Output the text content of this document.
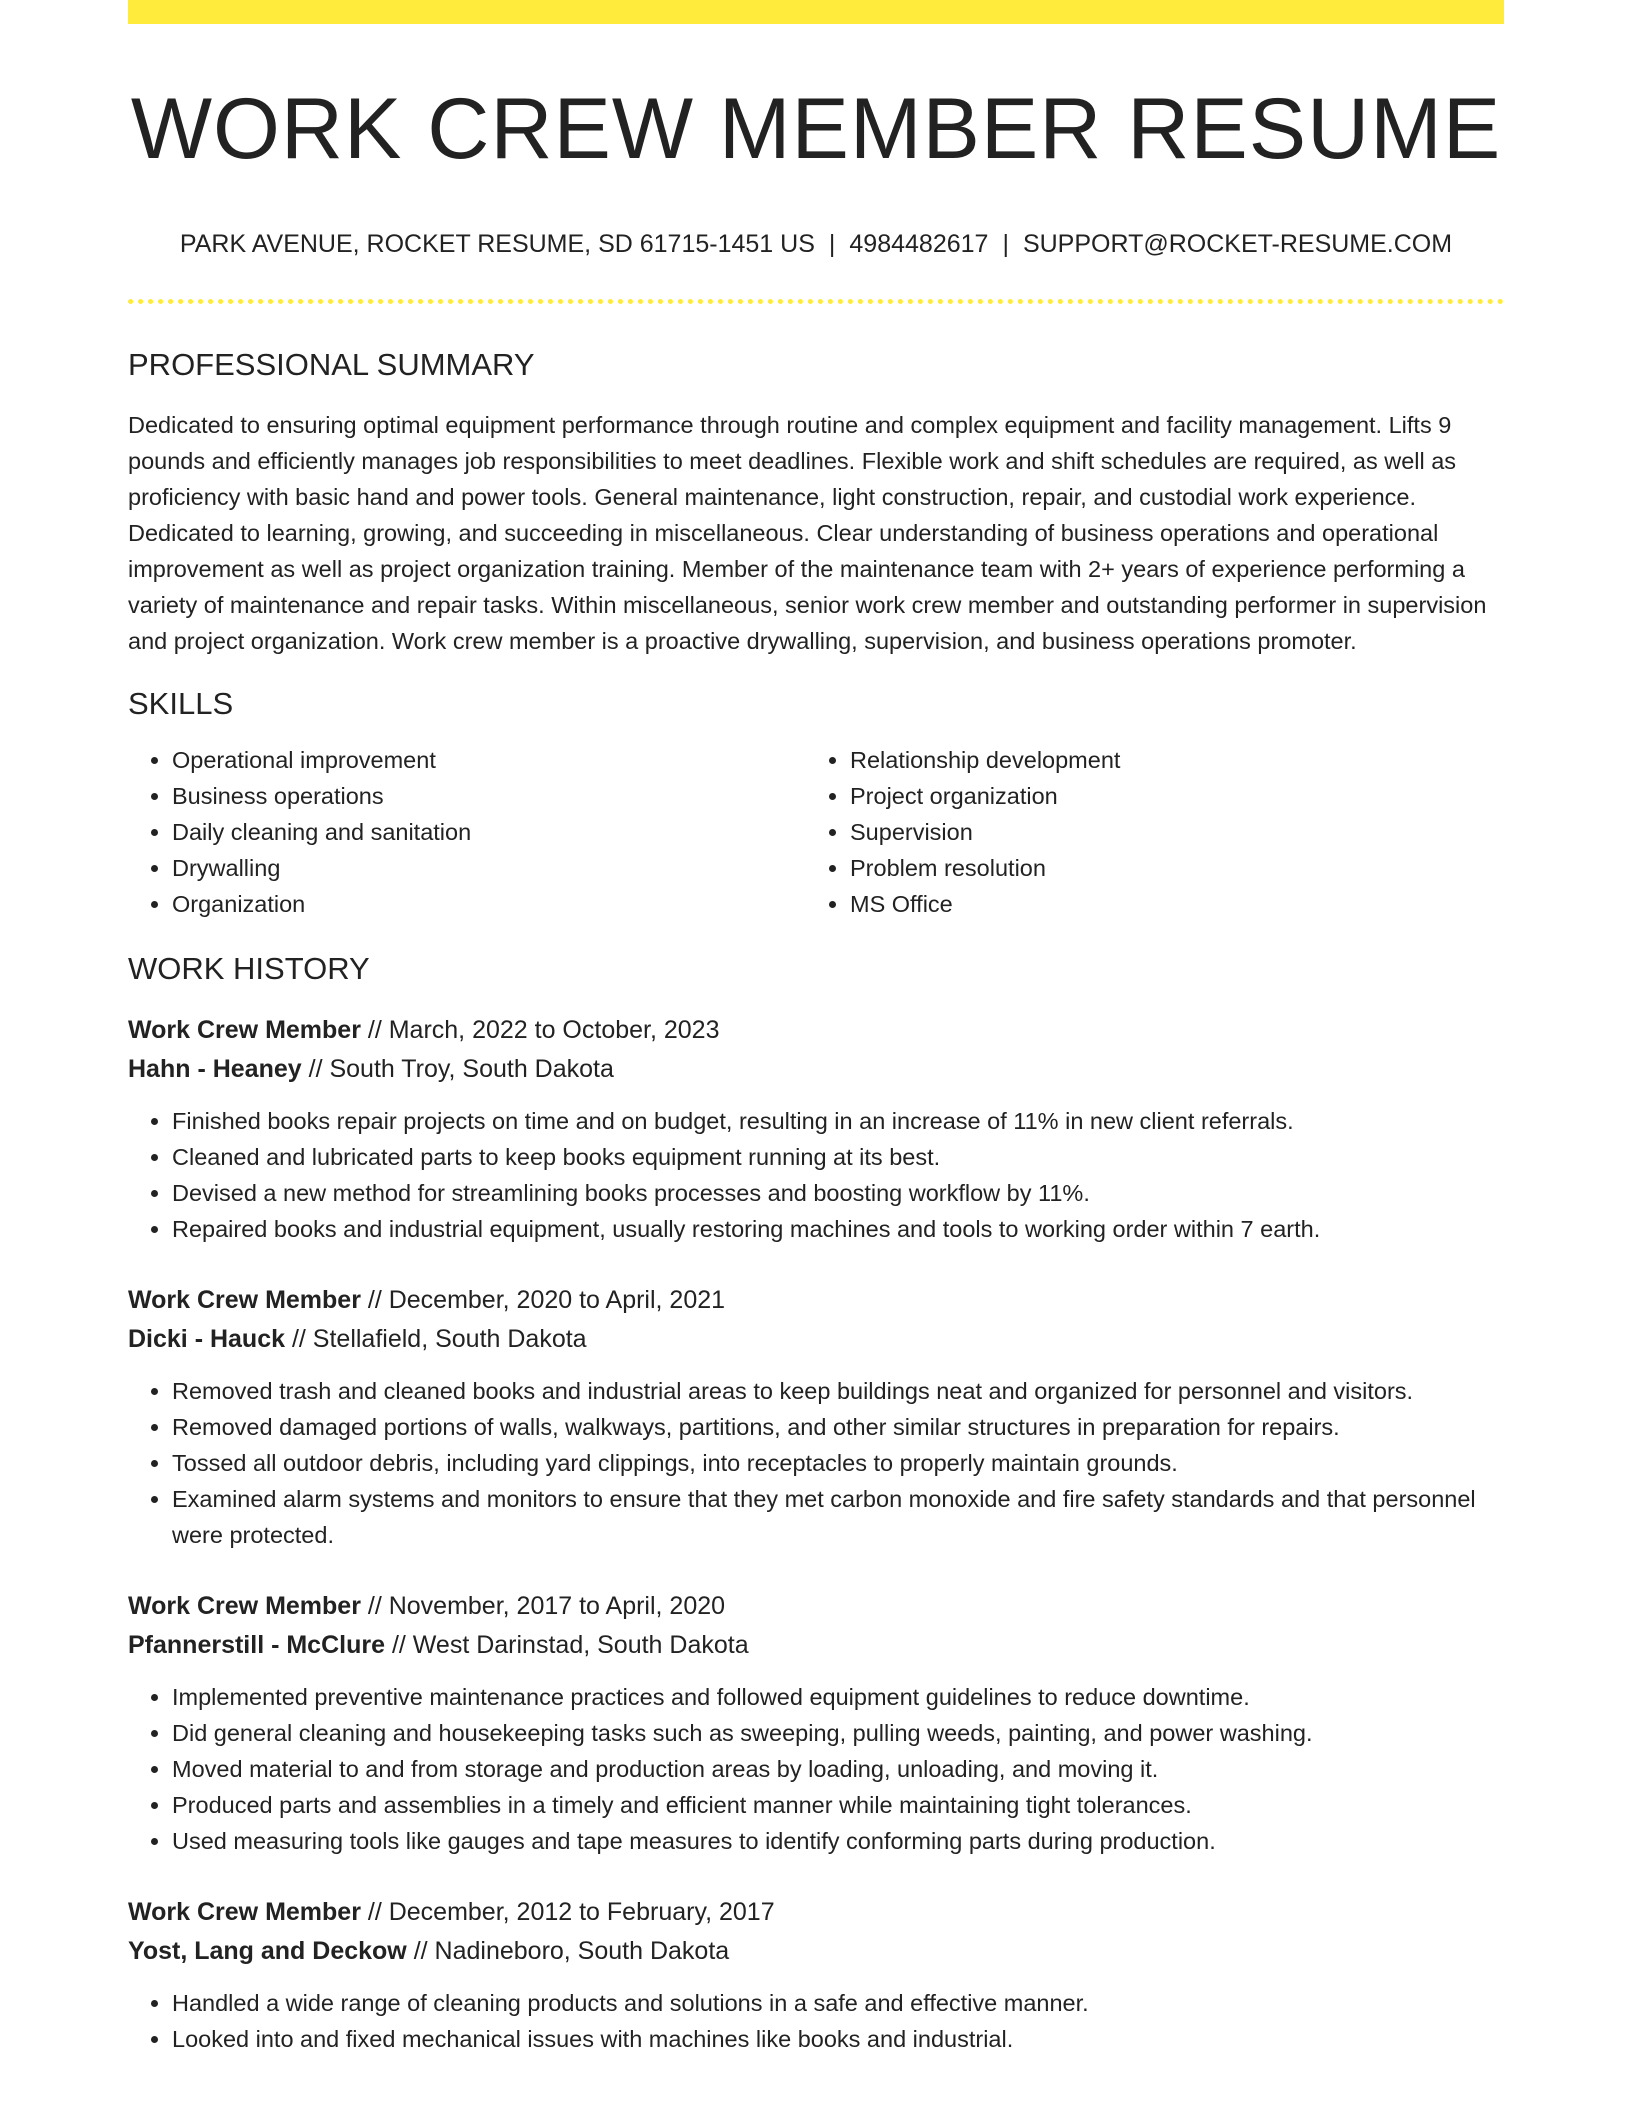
WORK CREW MEMBER RESUME
PARK AVENUE, ROCKET RESUME, SD 61715-1451 US | 4984482617 | SUPPORT@ROCKET-RESUME.COM
PROFESSIONAL SUMMARY

Dedicated to ensuring optimal equipment performance through routine and complex equipment and facility management. Lifts 9 pounds and efficiently manages job responsibilities to meet deadlines. Flexible work and shift schedules are required, as well as proficiency with basic hand and power tools. General maintenance, light construction, repair, and custodial work experience. Dedicated to learning, growing, and succeeding in miscellaneous. Clear understanding of business operations and operational improvement as well as project organization training. Member of the maintenance team with 2+ years of experience performing a variety of maintenance and repair tasks. Within miscellaneous, senior work crew member and outstanding performer in supervision and project organization. Work crew member is a proactive drywalling, supervision, and business operations promoter.

SKILLS
• Operational improvement
• Business operations
• Daily cleaning and sanitation
• Drywalling
• Organization
• Relationship development
• Project organization
• Supervision
• Problem resolution
• MS Office
WORK HISTORY
Work Crew Member // March, 2022 to October, 2023
Hahn - Heaney // South Troy, South Dakota
• Finished books repair projects on time and on budget, resulting in an increase of 11% in new client referrals.
• Cleaned and lubricated parts to keep books equipment running at its best.
• Devised a new method for streamlining books processes and boosting workflow by 11%.
• Repaired books and industrial equipment, usually restoring machines and tools to working order within 7 earth.
Work Crew Member // December, 2020 to April, 2021
Dicki - Hauck // Stellafield, South Dakota
• Removed trash and cleaned books and industrial areas to keep buildings neat and organized for personnel and visitors.
• Removed damaged portions of walls, walkways, partitions, and other similar structures in preparation for repairs.
• Tossed all outdoor debris, including yard clippings, into receptacles to properly maintain grounds.
• Examined alarm systems and monitors to ensure that they met carbon monoxide and fire safety standards and that personnel were protected.
Work Crew Member // November, 2017 to April, 2020
Pfannerstill - McClure // West Darinstad, South Dakota
• Implemented preventive maintenance practices and followed equipment guidelines to reduce downtime.
• Did general cleaning and housekeeping tasks such as sweeping, pulling weeds, painting, and power washing.
• Moved material to and from storage and production areas by loading, unloading, and moving it.
• Produced parts and assemblies in a timely and efficient manner while maintaining tight tolerances.
• Used measuring tools like gauges and tape measures to identify conforming parts during production.
Work Crew Member // December, 2012 to February, 2017
Yost, Lang and Deckow // Nadineboro, South Dakota
• Handled a wide range of cleaning products and solutions in a safe and effective manner.
• Looked into and fixed mechanical issues with machines like books and industrial.
